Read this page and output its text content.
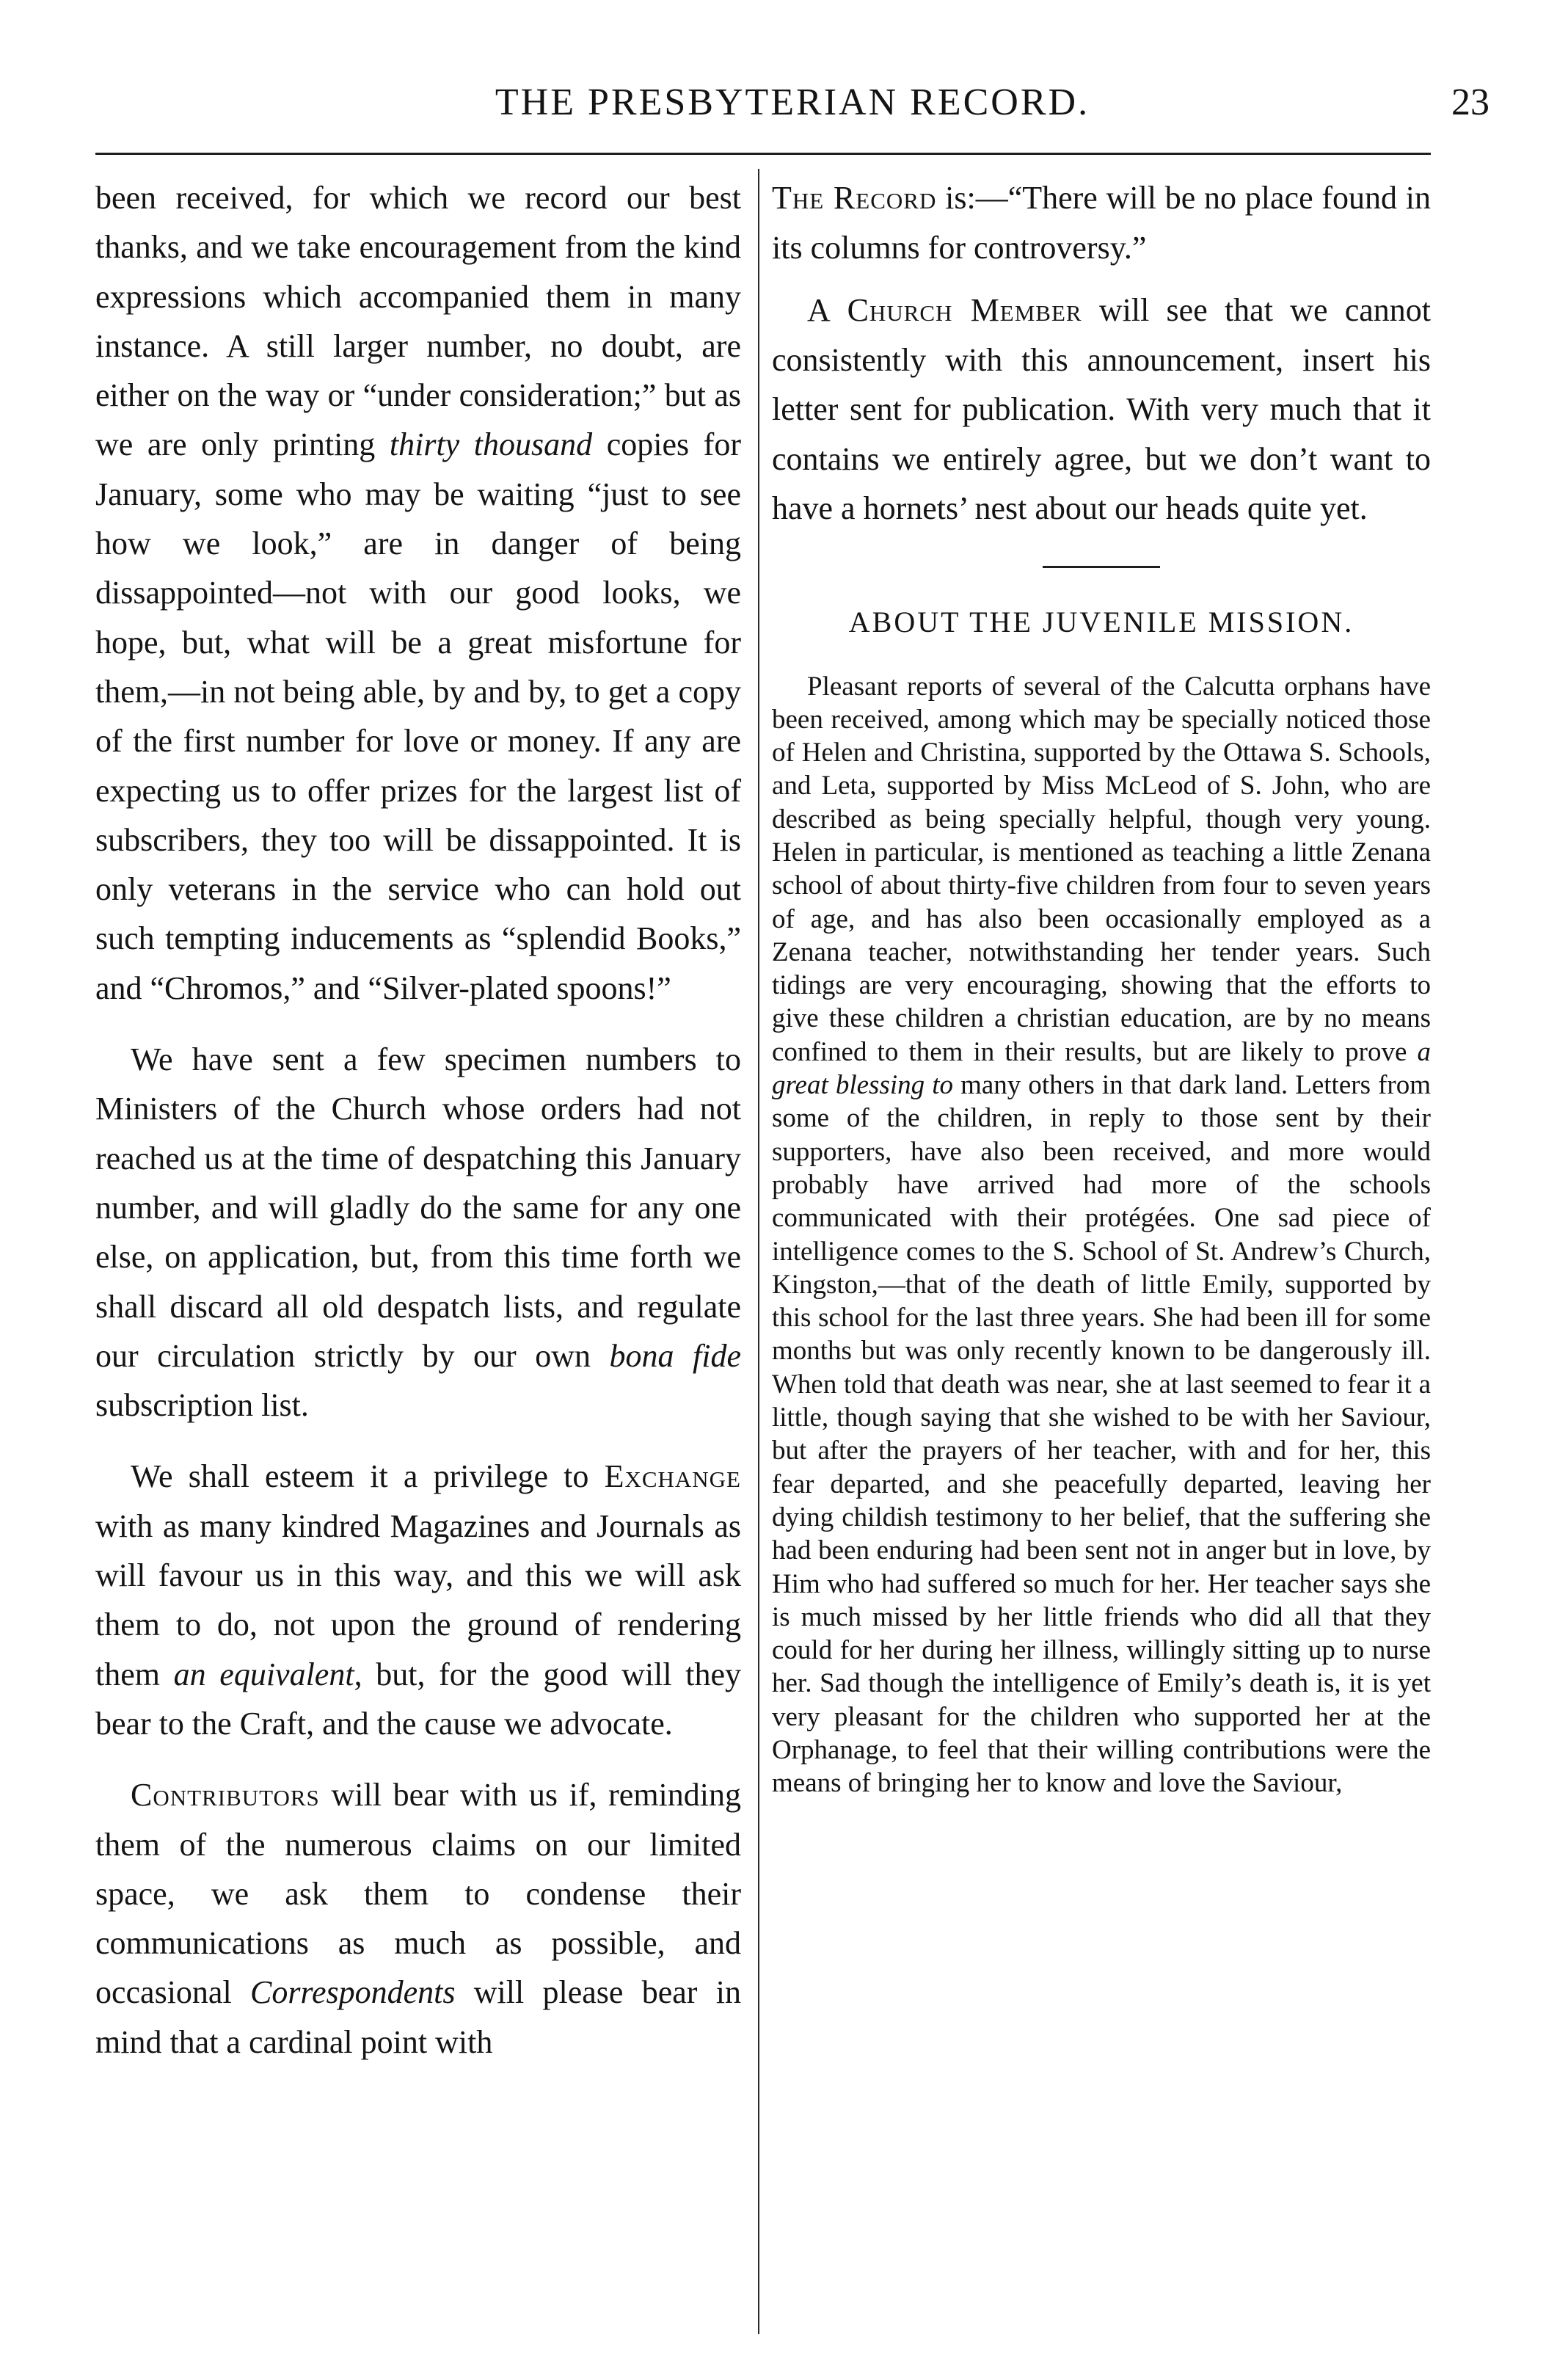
THE PRESBYTERIAN RECORD.	23

been received, for which we record our best thanks, and we take encouragement from the kind expressions which accompanied them in many instance. A still larger number, no doubt, are either on the way or “under consideration;” but as we are only printing thirty thousand copies for January, some who may be waiting “just to see how we look,” are in danger of being dissappointed—not with our good looks, we hope, but, what will be a great misfortune for them,—in not being able, by and by, to get a copy of the first number for love or money. If any are expecting us to offer prizes for the largest list of subscribers, they too will be dissappointed. It is only veterans in the service who can hold out such tempting inducements as “splendid Books,” and “Chromos,” and “Silver-plated spoons!”

We have sent a few specimen numbers to Ministers of the Church whose orders had not reached us at the time of despatching this January number, and will gladly do the same for any one else, on application, but, from this time forth we shall discard all old despatch lists, and regulate our circulation strictly by our own bona fide subscription list.

We shall esteem it a privilege to Exchange with as many kindred Magazines and Journals as will favour us in this way, and this we will ask them to do, not upon the ground of rendering them an equivalent, but, for the good will they bear to the Craft, and the cause we advocate.

Contributors will bear with us if, reminding them of the numerous claims on our limited space, we ask them to condense their communications as much as possible, and occasional Correspondents will please bear in mind that a cardinal point with

The Record is:—“There will be no place found in its columns for controversy.”

A Church Member will see that we cannot consistently with this announcement, insert his letter sent for publication. With very much that it contains we entirely agree, but we don’t want to have a hornets’ nest about our heads quite yet.

ABOUT THE JUVENILE MISSION.

Pleasant reports of several of the Calcutta orphans have been received, among which may be specially noticed those of Helen and Christina, supported by the Ottawa S. Schools, and Leta, supported by Miss McLeod of S. John, who are described as being specially helpful, though very young. Helen in particular, is mentioned as teaching a little Zenana school of about thirty-five children from four to seven years of age, and has also been occasionally employed as a Zenana teacher, notwithstanding her tender years. Such tidings are very encouraging, showing that the efforts to give these children a christian education, are by no means confined to them in their results, but are likely to prove a great blessing to many others in that dark land. Letters from some of the children, in reply to those sent by their supporters, have also been received, and more would probably have arrived had more of the schools communicated with their protégées. One sad piece of intelligence comes to the S. School of St. Andrew’s Church, Kingston,—that of the death of little Emily, supported by this school for the last three years. She had been ill for some months but was only recently known to be dangerously ill. When told that death was near, she at last seemed to fear it a little, though saying that she wished to be with her Saviour, but after the prayers of her teacher, with and for her, this fear departed, and she peacefully departed, leaving her dying childish testimony to her belief, that the suffering she had been enduring had been sent not in anger but in love, by Him who had suffered so much for her. Her teacher says she is much missed by her little friends who did all that they could for her during her illness, willingly sitting up to nurse her. Sad though the intelligence of Emily’s death is, it is yet very pleasant for the children who supported her at the Orphanage, to feel that their willing contributions were the means of bringing her to know and love the Saviour,
